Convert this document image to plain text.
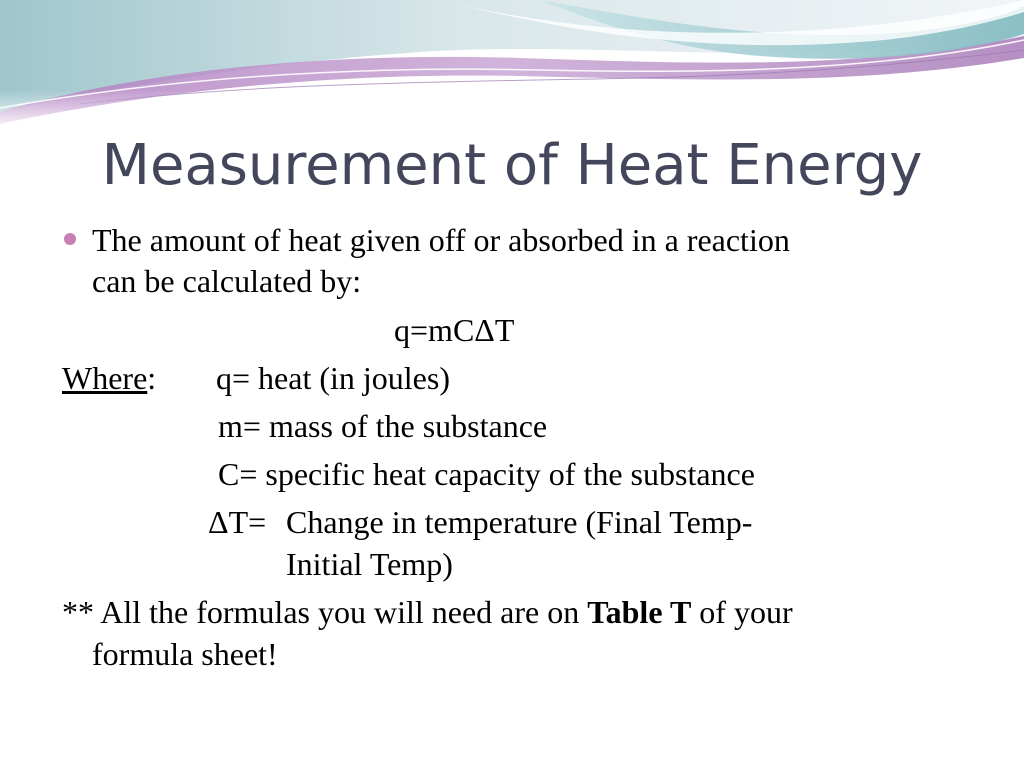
Measurement of Heat Energy
The amount of heat given off or absorbed in a reaction
can be calculated by:
q=mCΔT
Where: q= heat (in joules)
m= mass of the substance
C= specific heat capacity of the substance
ΔT= Change in temperature (Final Temp-
Initial Temp)
** All the formulas you will need are on Table T of your
formula sheet!
